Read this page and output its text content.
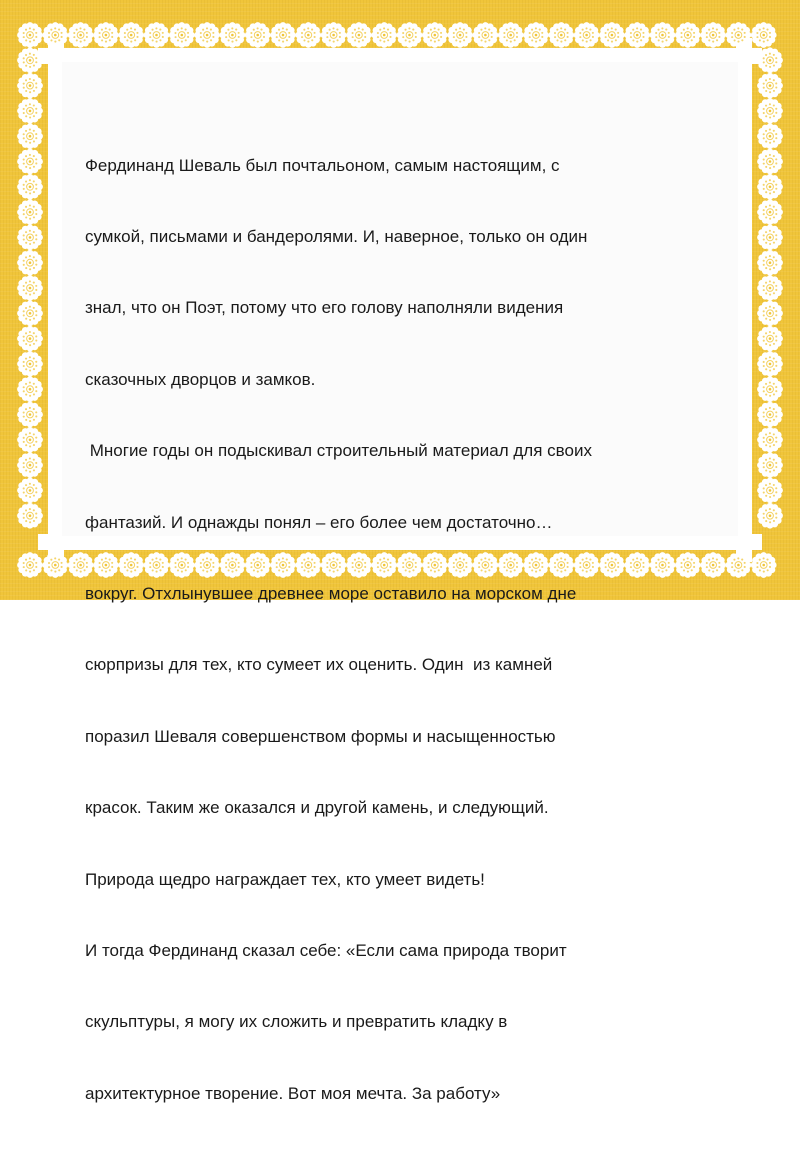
Фердинанд Шеваль был почтальоном, самым настоящим, с

сумкой, письмами и бандеролями. И, наверное, только он один

знал, что он Поэт, потому что его голову наполняли видения

сказочных дворцов и замков.

Многие годы он подыскивал строительный материал для своих

фантазий. И однажды понял – его более чем достаточно…

вокруг. Отхлынувшее древнее море оставило на морском дне

сюрпризы для тех, кто сумеет их оценить. Один  из камней

поразил Шеваля совершенством формы и насыщенностью

красок. Таким же оказался и другой камень, и следующий.

Природа щедро награждает тех, кто умеет видеть!

И тогда Фердинанд сказал себе: «Если сама природа творит

скульптуры, я могу их сложить и превратить кладку в

архитектурное творение. Вот моя мечта. За работу»
